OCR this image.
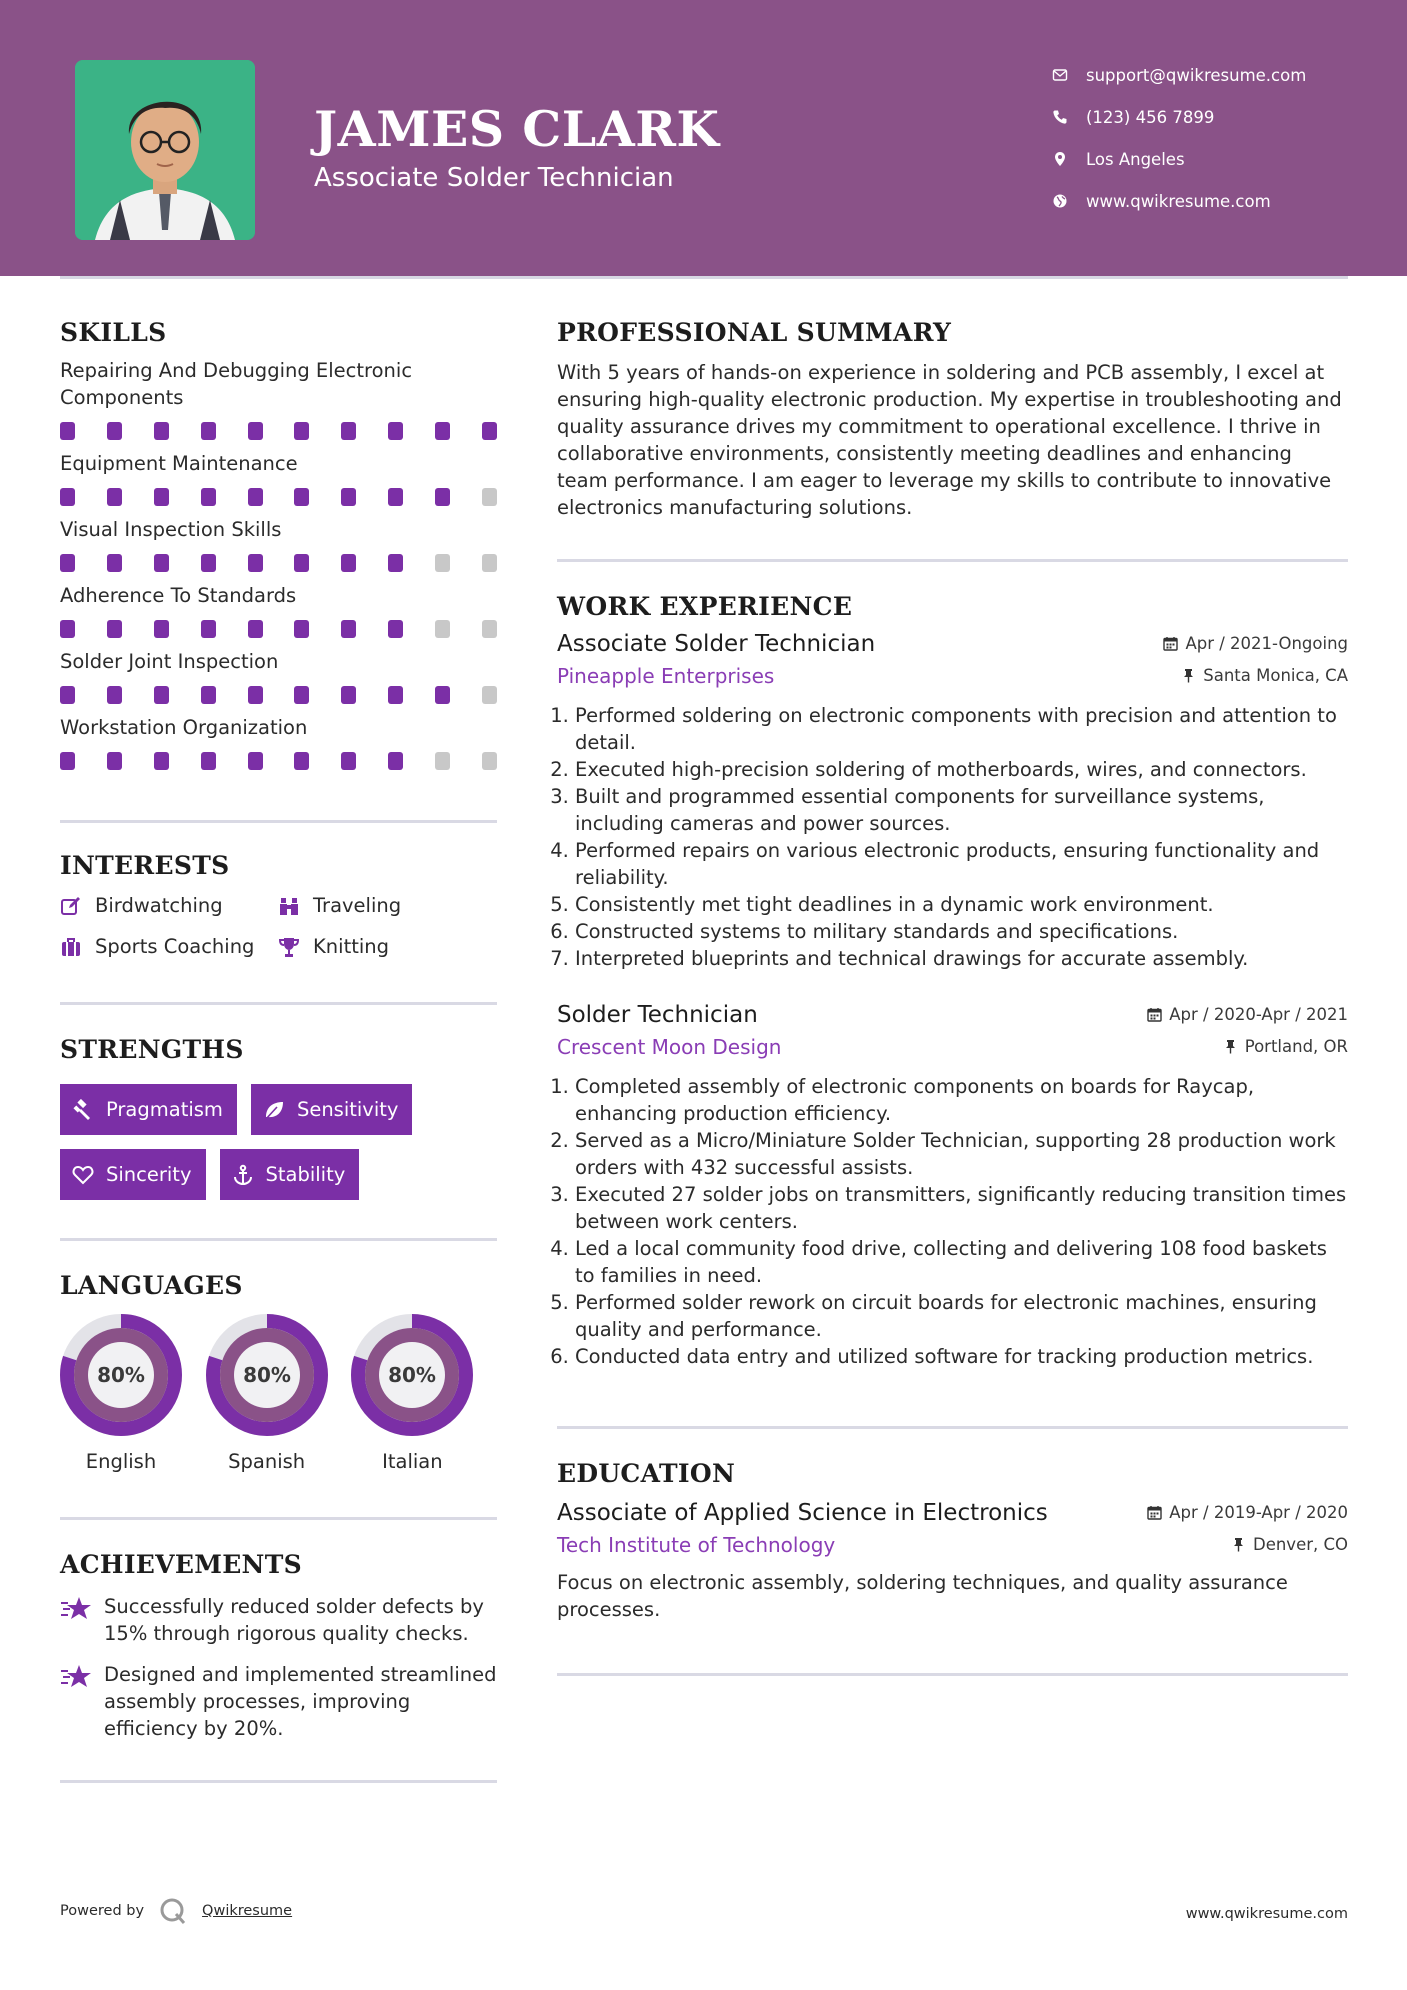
JAMES CLARK
Associate Solder Technician
support@qwikresume.com
(123) 456 7899
Los Angeles
www.qwikresume.com
SKILLS
Repairing And Debugging Electronic Components
Equipment Maintenance
Visual Inspection Skills
Adherence To Standards
Solder Joint Inspection
Workstation Organization
INTERESTS
Birdwatching	Traveling
Sports Coaching	Knitting
STRENGTHS
Pragmatism	Sensitivity
Sincerity	Stability
LANGUAGES
80%
English
80%
Spanish
80%
Italian
ACHIEVEMENTS
Successfully reduced solder defects by 15% through rigorous quality checks.
Designed and implemented streamlined assembly processes, improving efficiency by 20%.
PROFESSIONAL SUMMARY
With 5 years of hands-on experience in soldering and PCB assembly, I excel at ensuring high-quality electronic production. My expertise in troubleshooting and quality assurance drives my commitment to operational excellence. I thrive in collaborative environments, consistently meeting deadlines and enhancing team performance. I am eager to leverage my skills to contribute to innovative electronics manufacturing solutions.
WORK EXPERIENCE
Associate Solder Technician	Apr / 2021-Ongoing
Pineapple Enterprises	Santa Monica, CA
1. Performed soldering on electronic components with precision and attention to detail.
2. Executed high-precision soldering of motherboards, wires, and connectors.
3. Built and programmed essential components for surveillance systems, including cameras and power sources.
4. Performed repairs on various electronic products, ensuring functionality and reliability.
5. Consistently met tight deadlines in a dynamic work environment.
6. Constructed systems to military standards and specifications.
7. Interpreted blueprints and technical drawings for accurate assembly.
Solder Technician	Apr / 2020-Apr / 2021
Crescent Moon Design	Portland, OR
1. Completed assembly of electronic components on boards for Raycap, enhancing production efficiency.
2. Served as a Micro/Miniature Solder Technician, supporting 28 production work orders with 432 successful assists.
3. Executed 27 solder jobs on transmitters, significantly reducing transition times between work centers.
4. Led a local community food drive, collecting and delivering 108 food baskets to families in need.
5. Performed solder rework on circuit boards for electronic machines, ensuring quality and performance.
6. Conducted data entry and utilized software for tracking production metrics.
EDUCATION
Associate of Applied Science in Electronics	Apr / 2019-Apr / 2020
Tech Institute of Technology	Denver, CO
Focus on electronic assembly, soldering techniques, and quality assurance processes.
Powered by	Qwikresume	www.qwikresume.com
